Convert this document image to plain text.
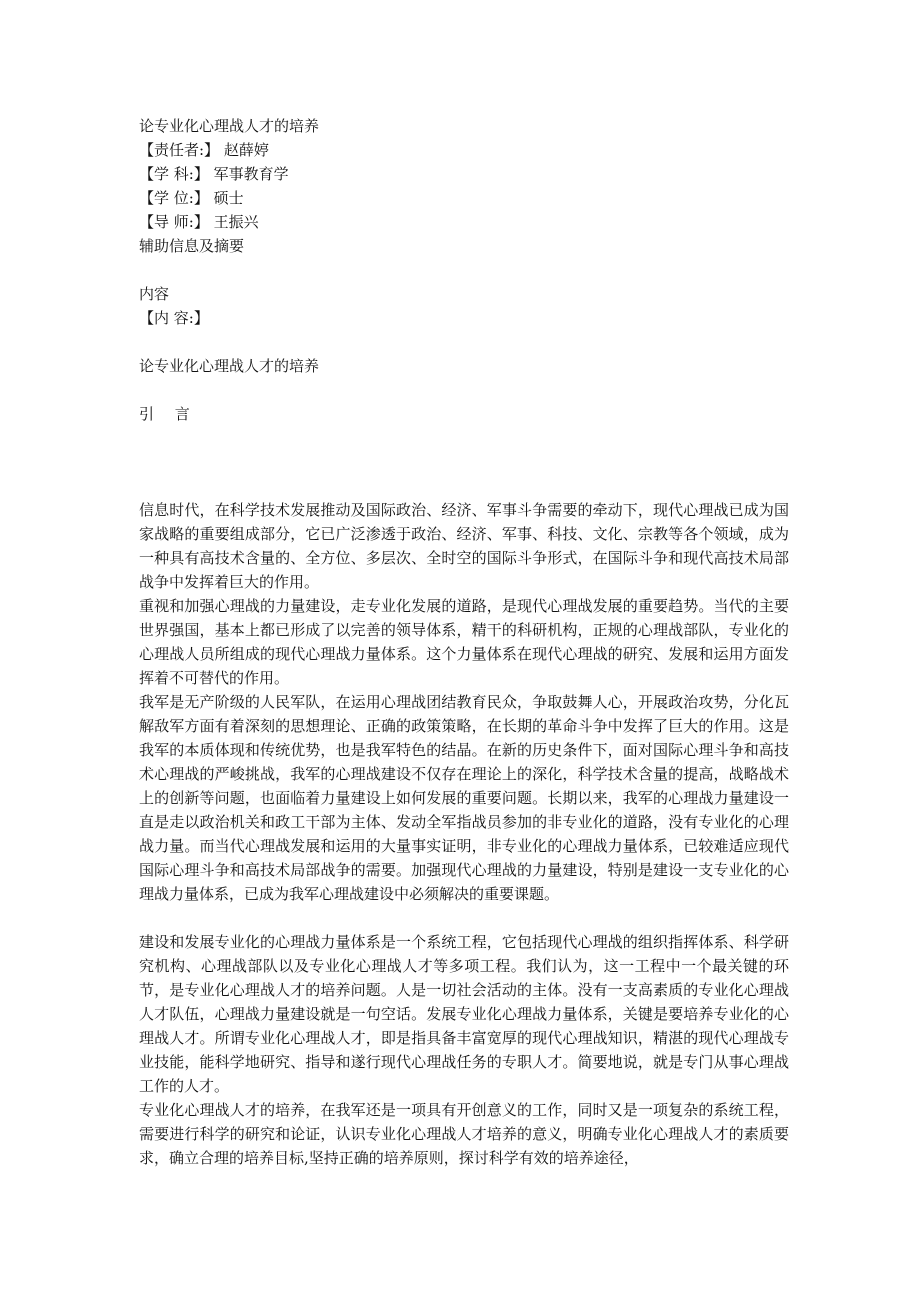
论专业化心理战人才的培养
【责任者:】 赵薛婷
【学 科:】 军事教育学
【学 位:】 硕士
【导 师:】 王振兴
辅助信息及摘要
内容
【内 容:】
论专业化心理战人才的培养
引 言
信息时代，在科学技术发展推动及国际政治、经济、军事斗争需要的牵动下，现代心理战已成为国家战略的重要组成部分，它已广泛渗透于政治、经济、军事、科技、文化、宗教等各个领域，成为一种具有高技术含量的、全方位、多层次、全时空的国际斗争形式，在国际斗争和现代高技术局部战争中发挥着巨大的作用。
重视和加强心理战的力量建设，走专业化发展的道路，是现代心理战发展的重要趋势。当代的主要世界强国，基本上都已形成了以完善的领导体系，精干的科研机构，正规的心理战部队，专业化的心理战人员所组成的现代心理战力量体系。这个力量体系在现代心理战的研究、发展和运用方面发挥着不可替代的作用。
我军是无产阶级的人民军队，在运用心理战团结教育民众，争取鼓舞人心，开展政治攻势，分化瓦解敌军方面有着深刻的思想理论、正确的政策策略，在长期的革命斗争中发挥了巨大的作用。这是我军的本质体现和传统优势，也是我军特色的结晶。在新的历史条件下，面对国际心理斗争和高技术心理战的严峻挑战，我军的心理战建设不仅存在理论上的深化，科学技术含量的提高，战略战术上的创新等问题，也面临着力量建设上如何发展的重要问题。长期以来，我军的心理战力量建设一直是走以政治机关和政工干部为主体、发动全军指战员参加的非专业化的道路，没有专业化的心理战力量。而当代心理战发展和运用的大量事实证明，非专业化的心理战力量体系，已较难适应现代国际心理斗争和高技术局部战争的需要。加强现代心理战的力量建设，特别是建设一支专业化的心理战力量体系，已成为我军心理战建设中必须解决的重要课题。
建设和发展专业化的心理战力量体系是一个系统工程，它包括现代心理战的组织指挥体系、科学研究机构、心理战部队以及专业化心理战人才等多项工程。我们认为，这一工程中一个最关键的环节，是专业化心理战人才的培养问题。人是一切社会活动的主体。没有一支高素质的专业化心理战人才队伍，心理战力量建设就是一句空话。发展专业化心理战力量体系，关键是要培养专业化的心理战人才。所谓专业化心理战人才，即是指具备丰富宽厚的现代心理战知识，精湛的现代心理战专业技能，能科学地研究、指导和遂行现代心理战任务的专职人才。简要地说，就是专门从事心理战工作的人才。
专业化心理战人才的培养，在我军还是一项具有开创意义的工作，同时又是一项复杂的系统工程，需要进行科学的研究和论证，认识专业化心理战人才培养的意义，明确专业化心理战人才的素质要求，确立合理的培养目标,坚持正确的培养原则，探讨科学有效的培养途径，
